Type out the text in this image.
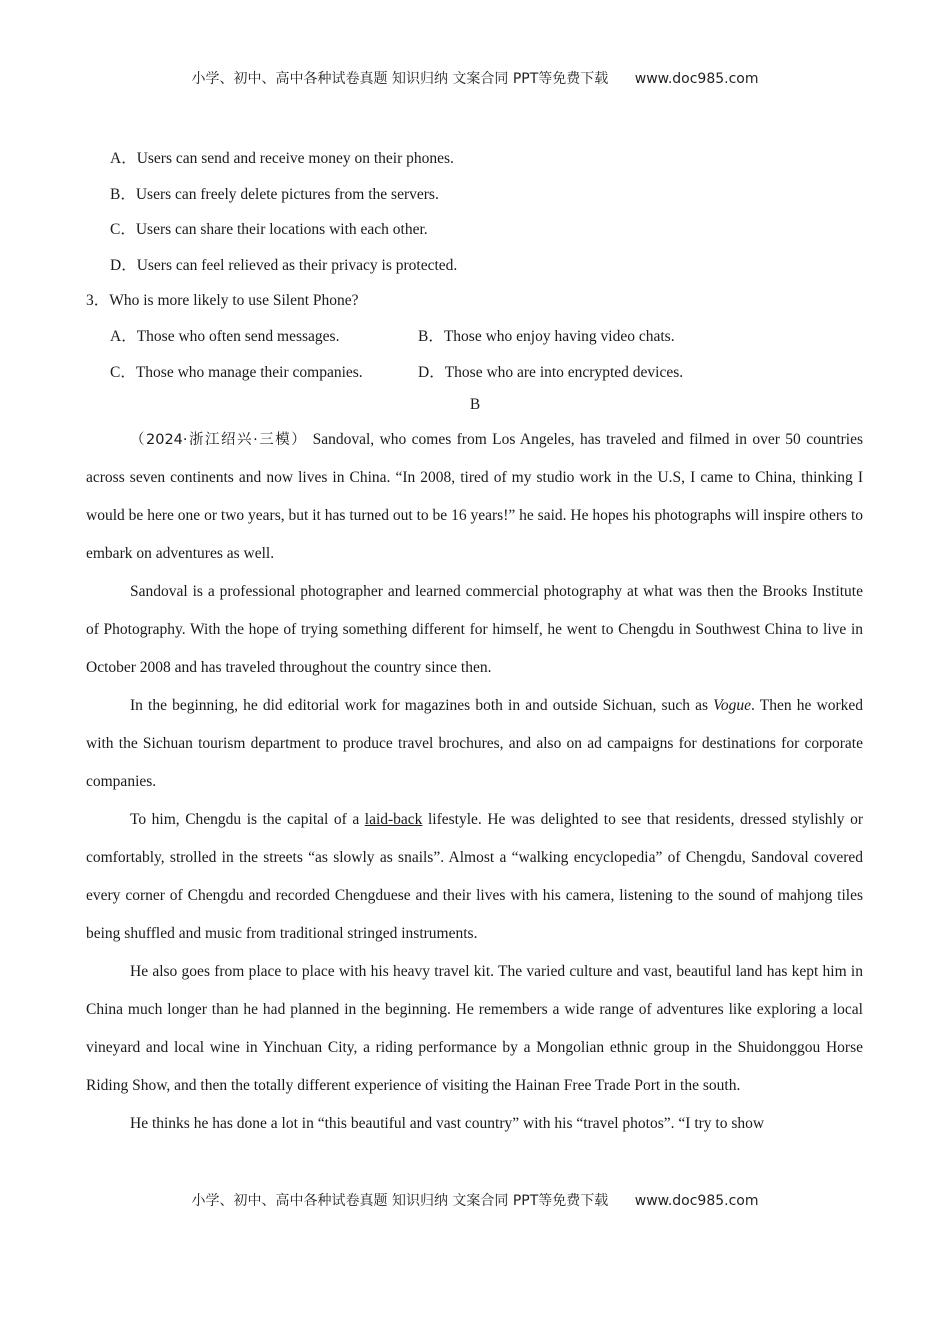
小学、初中、高中各种试卷真题 知识归纳 文案合同 PPT等免费下载 www.doc985.com
A．Users can send and receive money on their phones.
B．Users can freely delete pictures from the servers.
C．Users can share their locations with each other.
D．Users can feel relieved as their privacy is protected.
3．Who is more likely to use Silent Phone?
A．Those who often send messages.	B．Those who enjoy having video chats.
C．Those who manage their companies.	D．Those who are into encrypted devices.
B

（2024·浙江绍兴·三模） Sandoval, who comes from Los Angeles, has traveled and filmed in over 50 countries across seven continents and now lives in China. “In 2008, tired of my studio work in the U.S, I came to China, thinking I would be here one or two years, but it has turned out to be 16 years!” he said. He hopes his photographs will inspire others to embark on adventures as well.

Sandoval is a professional photographer and learned commercial photography at what was then the Brooks Institute of Photography. With the hope of trying something different for himself, he went to Chengdu in Southwest China to live in October 2008 and has traveled throughout the country since then.

In the beginning, he did editorial work for magazines both in and outside Sichuan, such as Vogue. Then he worked with the Sichuan tourism department to produce travel brochures, and also on ad campaigns for destinations for corporate companies.

To him, Chengdu is the capital of a laid-back lifestyle. He was delighted to see that residents, dressed stylishly or comfortably, strolled in the streets “as slowly as snails”. Almost a “walking encyclopedia” of Chengdu, Sandoval covered every corner of Chengdu and recorded Chengduese and their lives with his camera, listening to the sound of mahjong tiles being shuffled and music from traditional stringed instruments.

He also goes from place to place with his heavy travel kit. The varied culture and vast, beautiful land has kept him in China much longer than he had planned in the beginning. He remembers a wide range of adventures like exploring a local vineyard and local wine in Yinchuan City, a riding performance by a Mongolian ethnic group in the Shuidonggou Horse Riding Show, and then the totally different experience of visiting the Hainan Free Trade Port in the south.

He thinks he has done a lot in “this beautiful and vast country” with his “travel photos”. “I try to show

小学、初中、高中各种试卷真题 知识归纳 文案合同 PPT等免费下载 www.doc985.com
